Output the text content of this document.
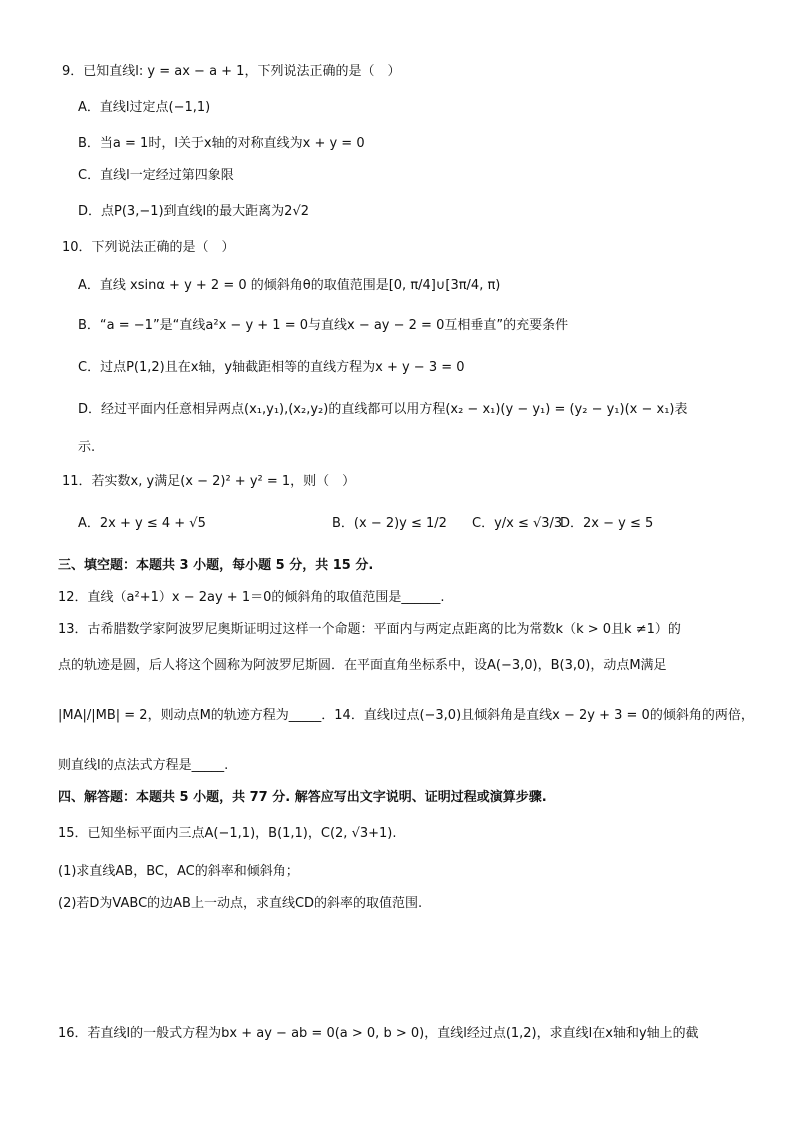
9．已知直线l: y = ax − a + 1，下列说法正确的是（　）
A．直线l过定点(−1,1)
B．当a = 1时，l关于x轴的对称直线为x + y = 0
C．直线l一定经过第四象限
D．点P(3,−1)到直线l的最大距离为2√2
10．下列说法正确的是（　）
A．直线 xsinα + y + 2 = 0 的倾斜角θ的取值范围是[0, π/4]∪[3π/4, π)
B．“a = −1”是“直线a²x − y + 1 = 0与直线x − ay − 2 = 0互相垂直”的充要条件
C．过点P(1,2)且在x轴，y轴截距相等的直线方程为x + y − 3 = 0
D．经过平面内任意相异两点(x₁,y₁),(x₂,y₂)的直线都可以用方程(x₂ − x₁)(y − y₁) = (y₂ − y₁)(x − x₁)表
示.
11．若实数x, y满足(x − 2)² + y² = 1，则（　）
A．2x + y ≤ 4 + √5	B．(x − 2)y ≤ 1/2 C．y/x ≤ √3/3
D．2x − y ≤ 5
三、填空题：本题共 3 小题，每小题 5 分，共 15 分.
12．直线（a²+1）x − 2ay + 1＝0的倾斜角的取值范围是______.
13．古希腊数学家阿波罗尼奥斯证明过这样一个命题：平面内与两定点距离的比为常数k（k > 0且k ≠1）的
点的轨迹是圆，后人将这个圆称为阿波罗尼斯圆．在平面直角坐标系中，设A(−3,0)，B(3,0)，动点M满足
|MA|/|MB| = 2，则动点M的轨迹方程为_____．14．直线l过点(−3,0)且倾斜角是直线x − 2y + 3 = 0的倾斜角的两倍，
则直线l的点法式方程是_____.
四、解答题：本题共 5 小题，共 77 分. 解答应写出文字说明、证明过程或演算步骤.
15．已知坐标平面内三点A(−1,1)，B(1,1)，C(2, √3+1).
(1)求直线AB，BC，AC的斜率和倾斜角；
(2)若D为VABC的边AB上一动点，求直线CD的斜率的取值范围.
16．若直线l的一般式方程为bx + ay − ab = 0(a > 0, b > 0)，直线l经过点(1,2)，求直线l在x轴和y轴上的截
